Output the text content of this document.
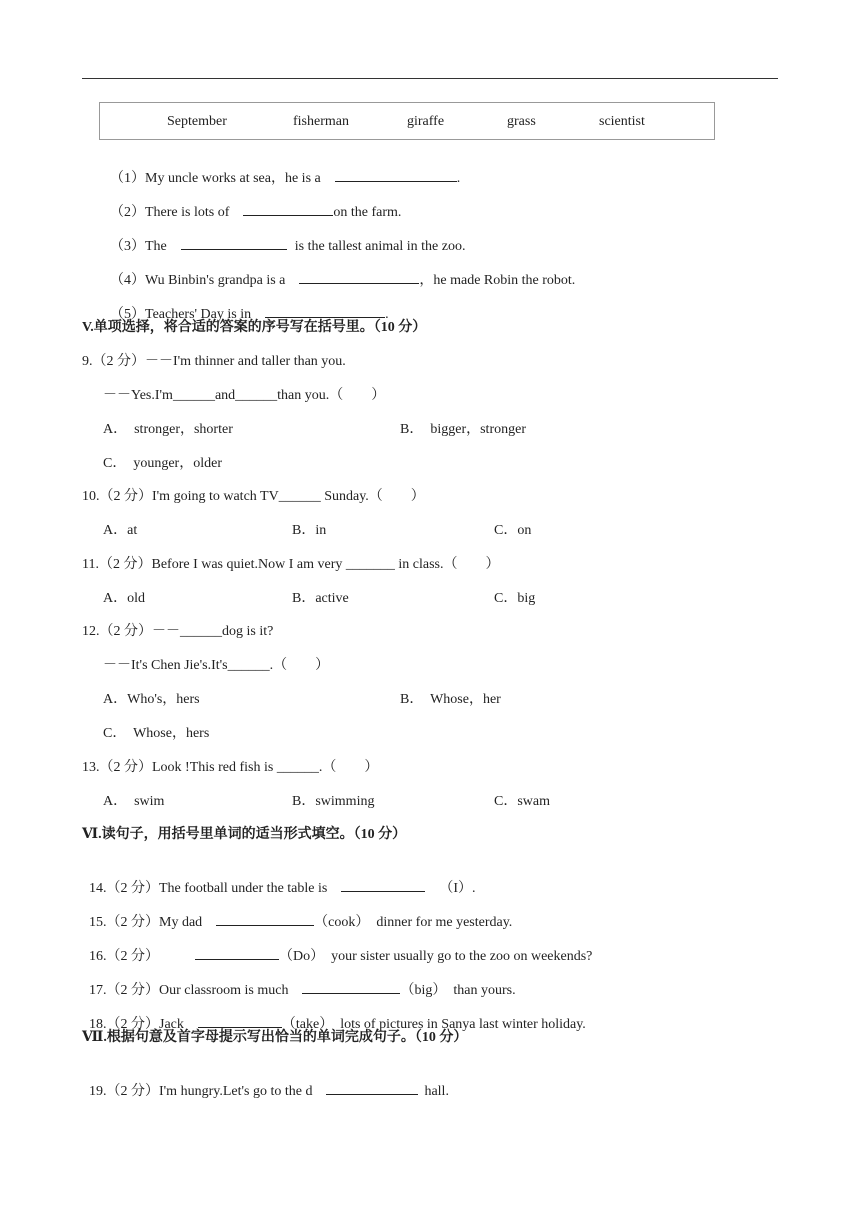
September	fisherman	giraffe	grass	scientist

（1）My uncle works at sea，he is a	.

（2）There is lots of	on the farm.

（3）The	is the tallest animal in the zoo.

（4）Wu Binbin's grandpa is a	，he made Robin the robot.

（5）Teachers' Day is in	.

V.单项选择，将合适的答案的序号写在括号里。（10 分）
9.（2 分）－－I'm thinner and taller than you.
－－Yes.I'm______and______than you.（　　）
A．  stronger，shorter	B．  bigger，stronger
C．  younger，older
10.（2 分）I'm going to watch TV______ Sunday.（　　）
A．at	B．in	C．on
11.（2 分）Before I was quiet.Now I am very _______ in class.（　　）
A．old	B．active	C．big
12.（2 分）－－______dog is it?
－－It's Chen Jie's.It's______.（　　）
A．Who's，hers	B．  Whose，her
C．  Whose，hers
13.（2 分）Look !This red fish is ______.（　　）
A．  swim	B．swimming	C．swam
Ⅵ.读句子，用括号里单词的适当形式填空。（10 分）

14.（2 分）The football under the table is	（I）.

15.（2 分）My dad	（cook）  dinner for me yesterday.

16.（2 分）	（Do）  your sister usually go to the zoo on weekends?

17.（2 分）Our classroom is much	（big）  than yours.

18.（2 分）Jack	（take）  lots of pictures in Sanya last winter holiday.

Ⅶ.根据句意及首字母提示写出恰当的单词完成句子。（10 分）

19.（2 分）I'm hungry.Let's go to the d	hall.
